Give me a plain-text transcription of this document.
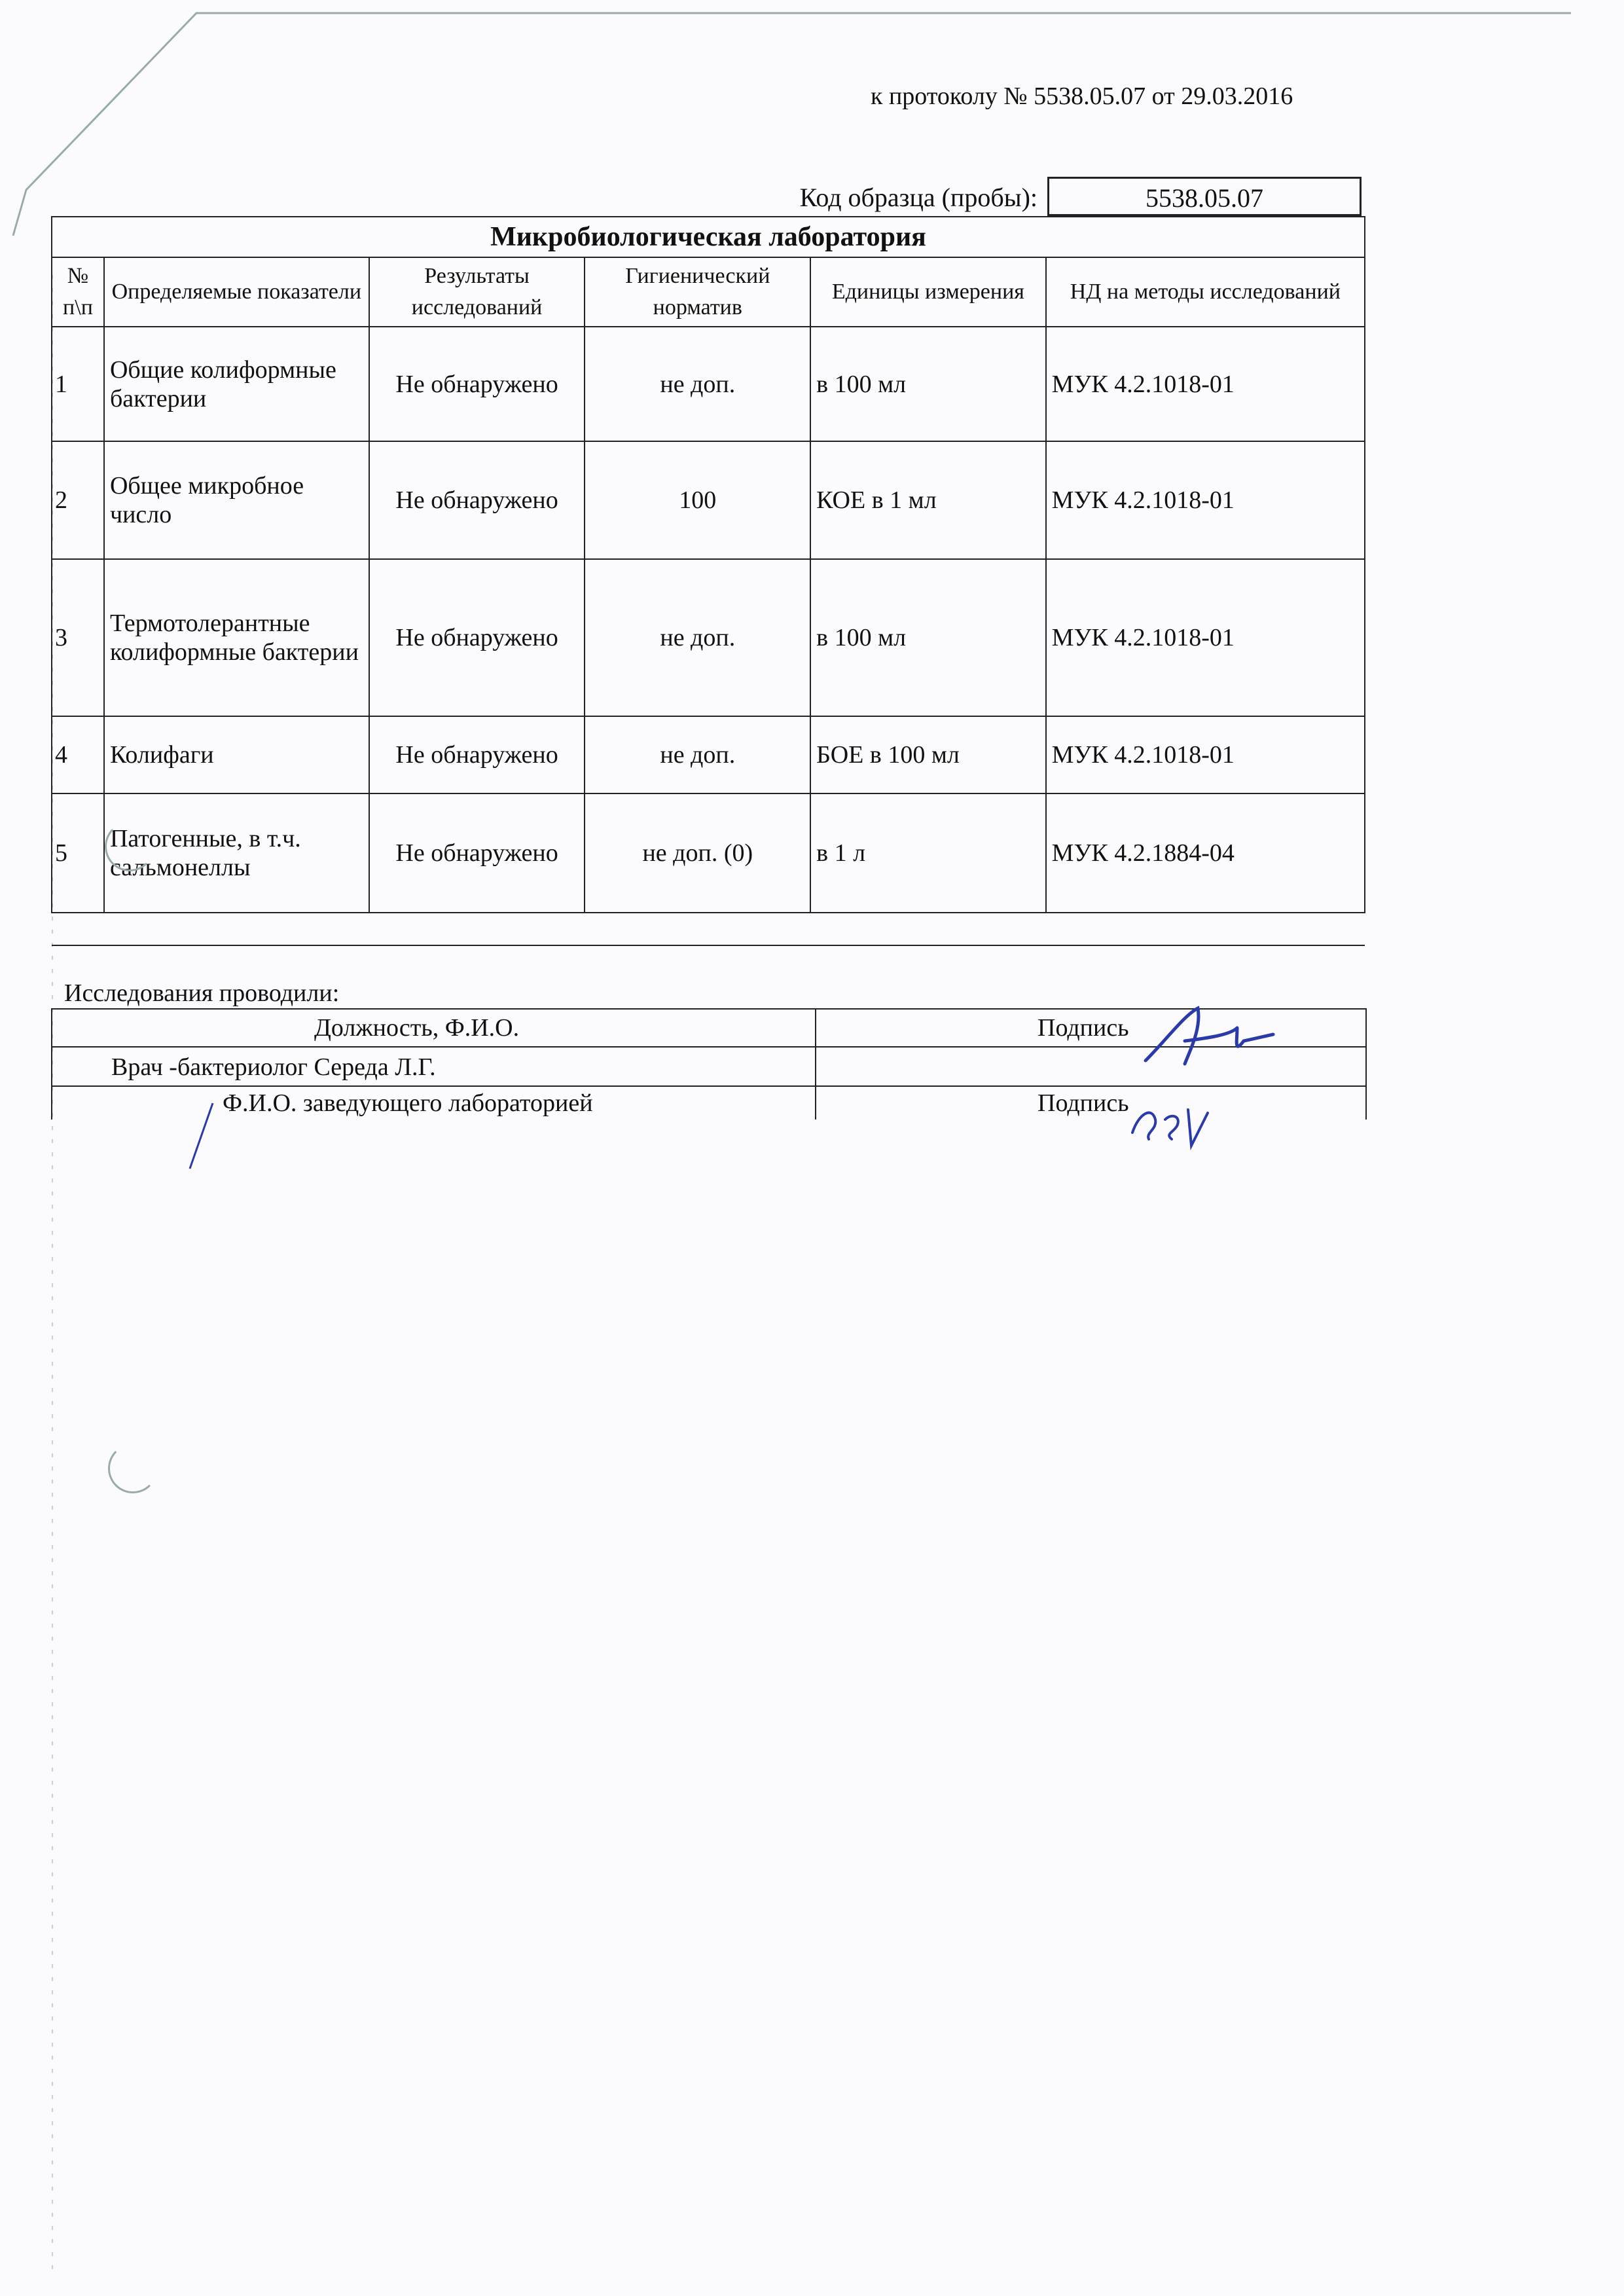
к протоколу № 5538.05.07 от 29.03.2016
Код образца (пробы):	5538.05.07
Микробиологическая лаборатория					
№ п\п	Определяемые показатели	Результаты исследований	Гигиенический норматив	Единицы измерения	НД на методы исследований
1	Общие колиформные бактерии	Не обнаружено	не доп.	в 100 мл	МУК 4.2.1018-01
2	Общее микробное число	Не обнаружено	100	КОЕ в 1 мл	МУК 4.2.1018-01
3	Термотолерантные колиформные бактерии	Не обнаружено	не доп.	в 100 мл	МУК 4.2.1018-01
4	Колифаги	Не обнаружено	не доп.	БОЕ в 100 мл	МУК 4.2.1018-01
5	Патогенные, в т.ч. сальмонеллы	Не обнаружено	не доп. (0)	в 1 л	МУК 4.2.1884-04

Исследования проводили:
Должность, Ф.И.О.	Подпись
Врач -бактериолог Середа Л.Г.
Ф.И.О. заведующего лабораторией	Подпись
